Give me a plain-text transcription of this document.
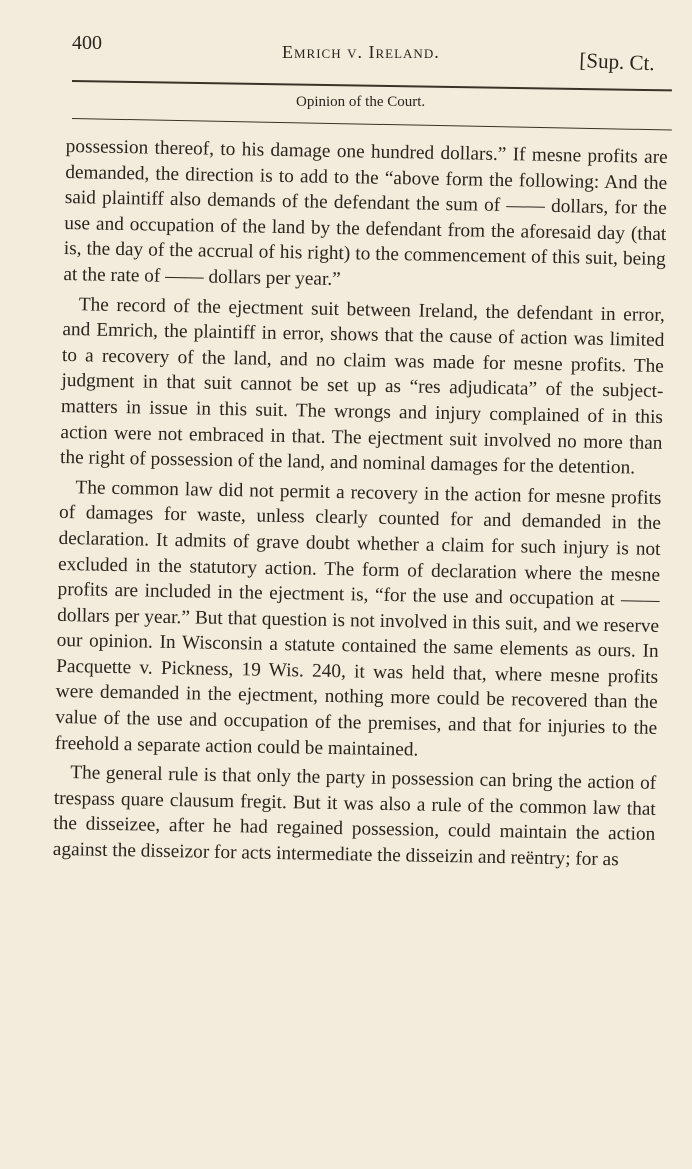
400	Emrich v. Ireland.	[Sup. Ct.
Opinion of the Court.

possession thereof, to his damage one hundred dollars.” If mesne profits are demanded, the direction is to add to the “above form the following: And the said plaintiff also demands of the defendant the sum of —— dollars, for the use and occupation of the land by the defendant from the aforesaid day (that is, the day of the accrual of his right) to the commencement of this suit, being at the rate of —— dollars per year.”

The record of the ejectment suit between Ireland, the defendant in error, and Emrich, the plaintiff in error, shows that the cause of action was limited to a recovery of the land, and no claim was made for mesne profits. The judgment in that suit cannot be set up as “res adjudicata” of the subject-matters in issue in this suit. The wrongs and injury complained of in this action were not embraced in that. The ejectment suit involved no more than the right of possession of the land, and nominal damages for the detention.

The common law did not permit a recovery in the action for mesne profits of damages for waste, unless clearly counted for and demanded in the declaration. It admits of grave doubt whether a claim for such injury is not excluded in the statutory action. The form of declaration where the mesne profits are included in the ejectment is, “for the use and occupation at —— dollars per year.” But that question is not involved in this suit, and we reserve our opinion. In Wisconsin a statute contained the same elements as ours. In Pacquette v. Pickness, 19 Wis. 240, it was held that, where mesne profits were demanded in the ejectment, nothing more could be recovered than the value of the use and occupation of the premises, and that for injuries to the freehold a separate action could be maintained.

The general rule is that only the party in possession can bring the action of trespass quare clausum fregit. But it was also a rule of the common law that the disseizee, after he had regained possession, could maintain the action against the disseizor for acts intermediate the disseizin and reëntry; for as
